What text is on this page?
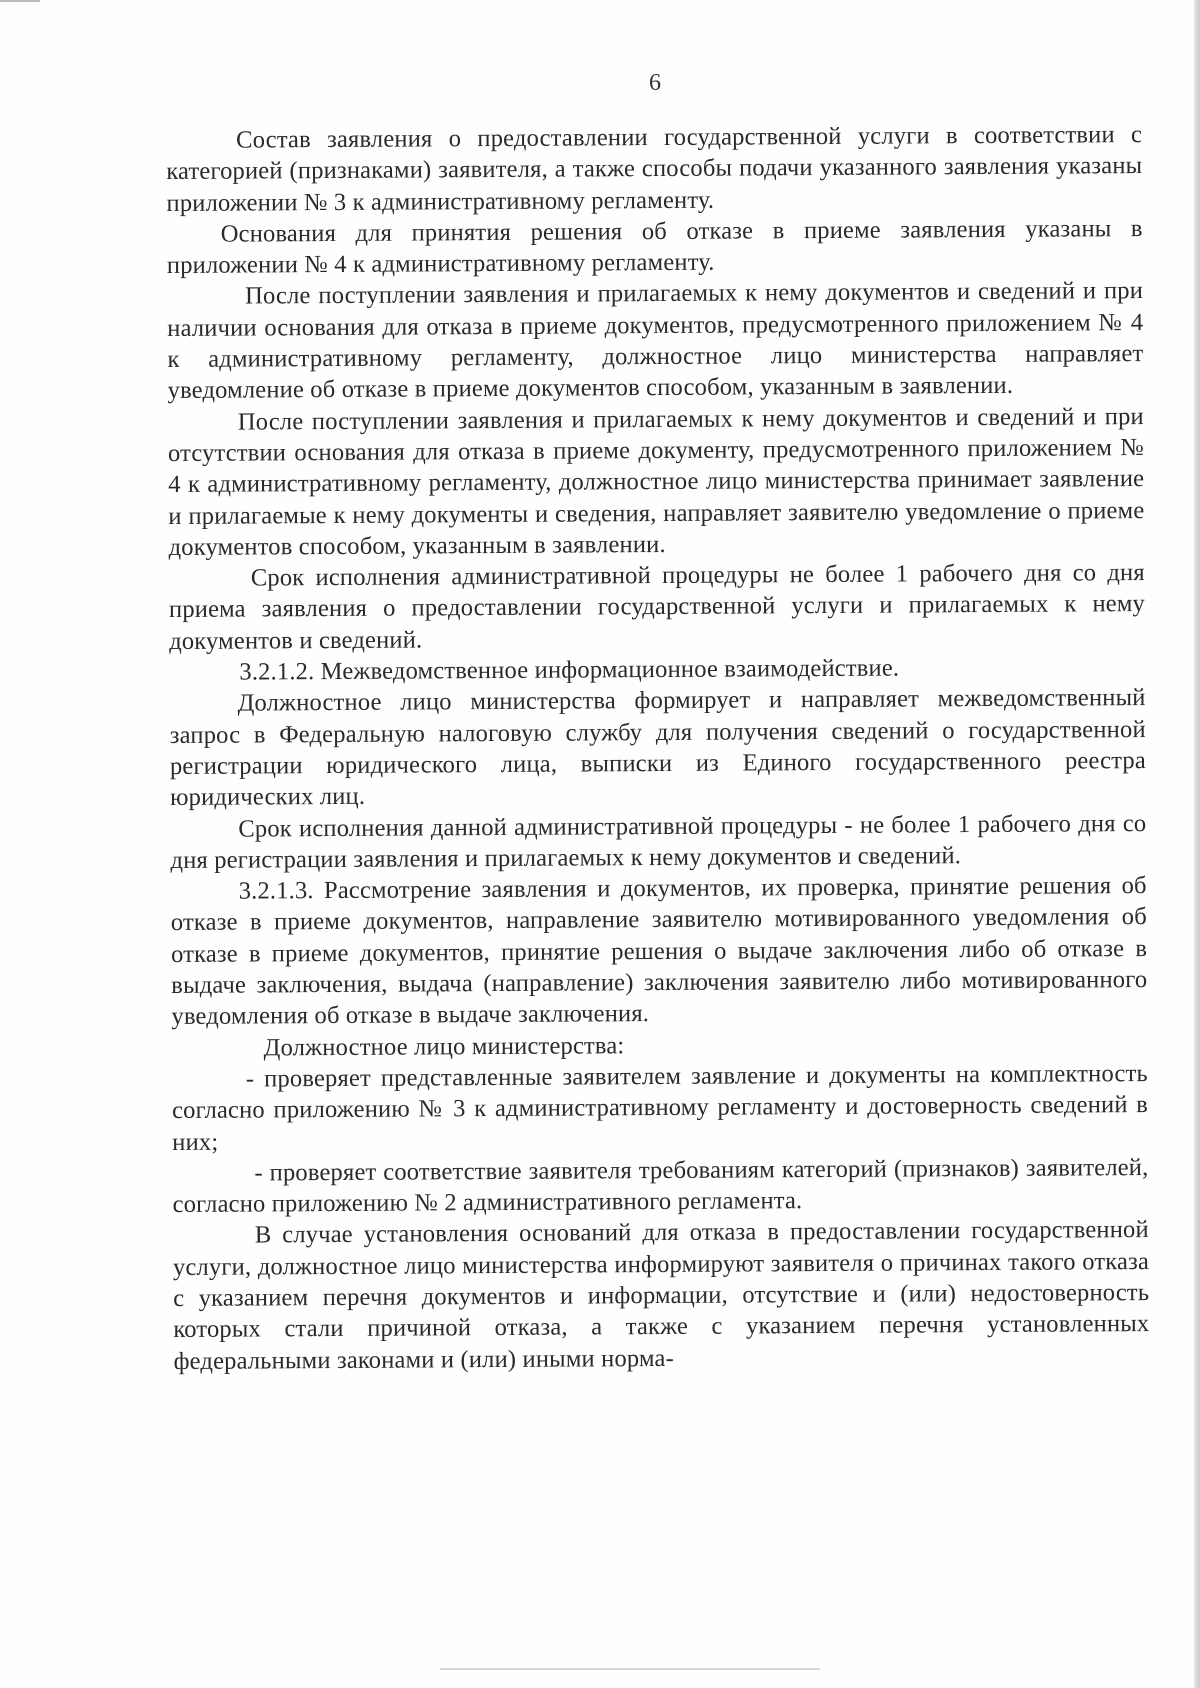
6

Состав заявления о предоставлении государственной услуги в соответствии с категорией (признаками) заявителя, а также способы подачи указанного заявления указаны приложении № 3 к административному регламенту.

Основания для принятия решения об отказе в приеме заявления указаны в приложении № 4 к административному регламенту.

После поступлении заявления и прилагаемых к нему документов и сведений и при наличии основания для отказа в приеме документов, предусмотренного приложением № 4 к административному регламенту, должностное лицо министерства направляет уведомление об отказе в приеме документов способом, указанным в заявлении.

После поступлении заявления и прилагаемых к нему документов и сведений и при отсутствии основания для отказа в приеме документу, предусмотренного приложением № 4 к административному регламенту, должностное лицо министерства принимает заявление и прилагаемые к нему документы и сведения, направляет заявителю уведомление о приеме документов способом, указанным в заявлении.

Срок исполнения административной процедуры не более 1 рабочего дня со дня приема заявления о предоставлении государственной услуги и прилагаемых к нему документов и сведений.

3.2.1.2. Межведомственное информационное взаимодействие.

Должностное лицо министерства формирует и направляет межведомственный запрос в Федеральную налоговую службу для получения сведений о государственной регистрации юридического лица, выписки из Единого государственного реестра юридических лиц.

Срок исполнения данной административной процедуры - не более 1 рабочего дня со дня регистрации заявления и прилагаемых к нему документов и сведений.

3.2.1.3. Рассмотрение заявления и документов, их проверка, принятие решения об отказе в приеме документов, направление заявителю мотивированного уведомления об отказе в приеме документов, принятие решения о выдаче заключения либо об отказе в выдаче заключения, выдача (направление) заключения заявителю либо мотивированного уведомления об отказе в выдаче заключения.

Должностное лицо министерства:

- проверяет представленные заявителем заявление и документы на комплектность согласно приложению № 3 к административному регламенту и достоверность сведений в них;

- проверяет соответствие заявителя требованиям категорий (признаков) заявителей, согласно приложению № 2 административного регламента.

В случае установления оснований для отказа в предоставлении государственной услуги, должностное лицо министерства информируют заявителя о причинах такого отказа с указанием перечня документов и информации, отсутствие и (или) недостоверность которых стали причиной отказа, а также с указанием перечня установленных федеральными законами и (или) иными норма-
